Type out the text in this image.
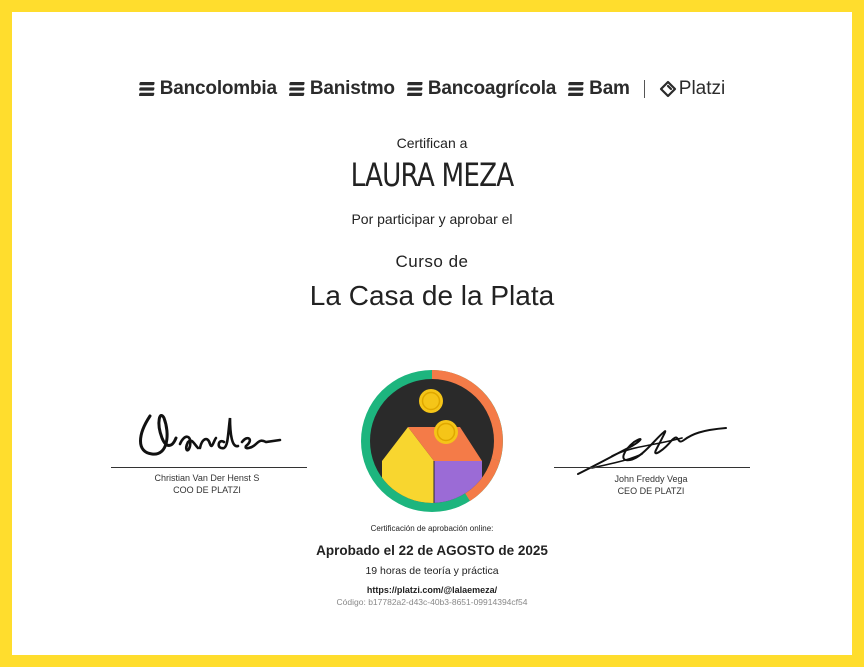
Bancolombia Banistmo Bancoagrícola Bam	Platzi
Certifican a
LAURA MEZA
Por participar y aprobar el
Curso de
La Casa de la Plata
Christian Van Der Henst S
COO DE PLATZI
John Freddy Vega
CEO DE PLATZI
Certificación de aprobación online:
Aprobado el 22 de AGOSTO de 2025
19 horas de teoría y práctica
https://platzi.com/@lalaemeza/
Código: b17782a2-d43c-40b3-8651-09914394cf54
